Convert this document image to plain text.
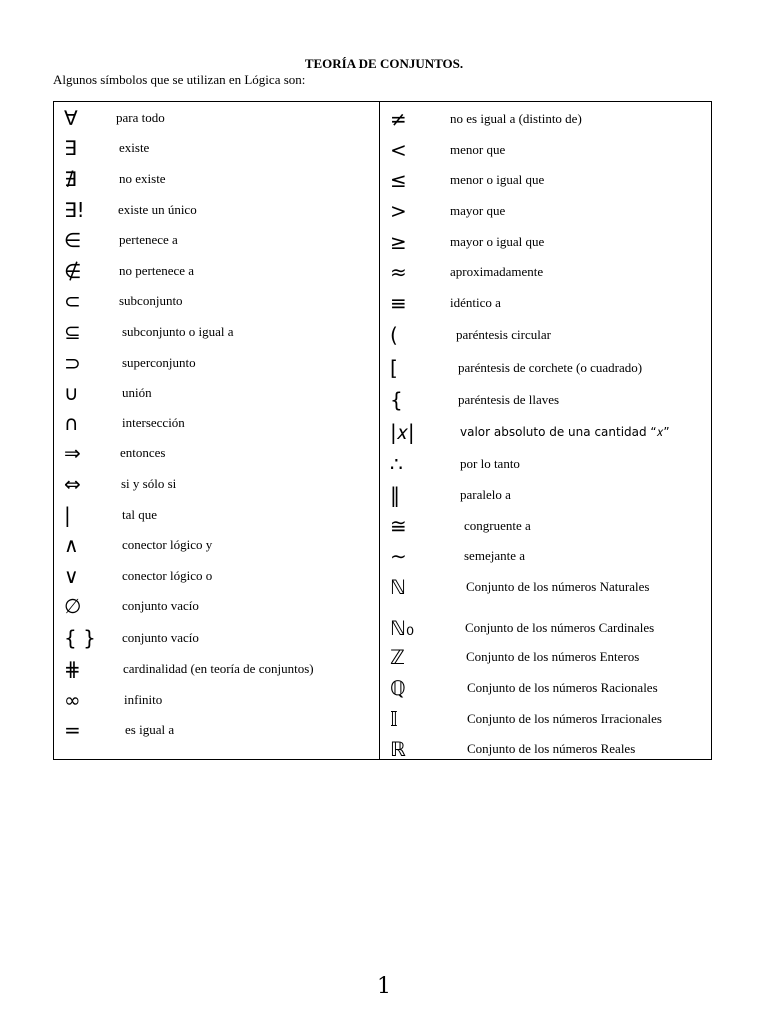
TEORÍA DE CONJUNTOS.
Algunos símbolos que se utilizan en Lógica son:
∀	para todo
∃	existe
∄	no existe
∃!	existe un único
∈	pertenece a
∉	no pertenece a
⊂	subconjunto
⊆	subconjunto o igual a
⊃	superconjunto
∪	unión
∩	intersección
⇒	entonces
⇔	si y sólo si
|	tal que
∧	conector lógico y
∨	conector lógico o
∅	conjunto vacío
{ } conjunto vacío
⋕	cardinalidad (en teoría de conjuntos)
∞	infinito
=	es igual a
≠	no es igual a (distinto de)
<	menor que
≤	menor o igual que
>	mayor que
≥	mayor o igual que
≈	aproximadamente
≡	idéntico a
(	paréntesis circular
[	paréntesis de corchete (o cuadrado)
{	paréntesis de llaves
|𝑥|	valor absoluto de una cantidad “𝑥”
∴	por lo tanto
‖	paralelo a
≅	congruente a
∼	semejante a
ℕ	Conjunto de los números Naturales
ℕ₀	Conjunto de los números Cardinales
ℤ	Conjunto de los números Enteros
ℚ	Conjunto de los números Racionales
𝕀	Conjunto de los números Irracionales
ℝ	Conjunto de los números Reales
1
